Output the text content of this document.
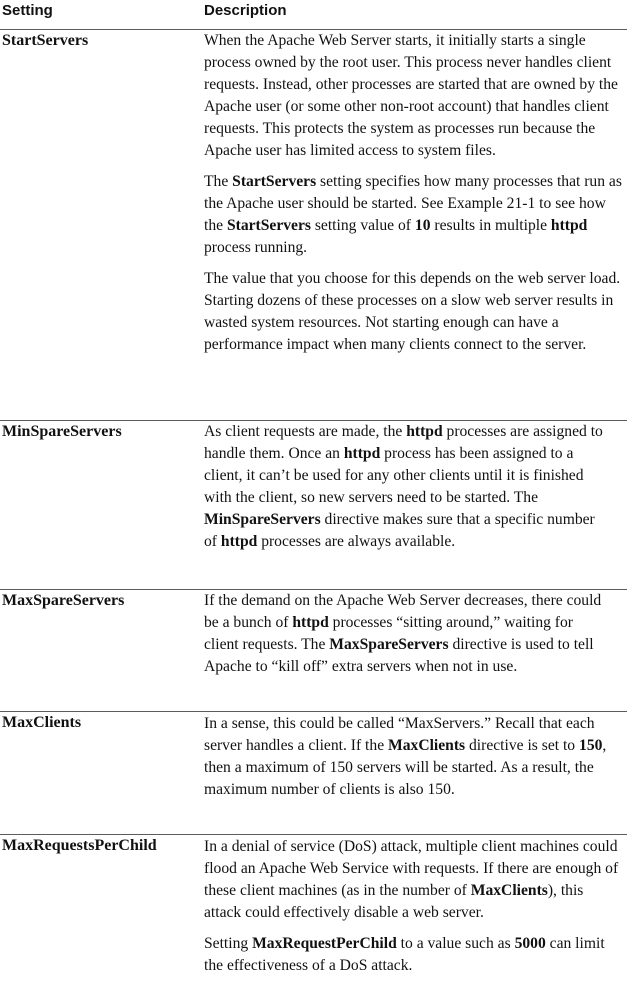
Setting	Description
StartServers	When the Apache Web Server starts, it initially starts a single process owned by the root user. This process never handles client requests. Instead, other processes are started that are owned by the Apache user (or some other non-root account) that handles client requests. This protects the system as processes run because the Apache user has limited access to system files.

The StartServers setting specifies how many processes that run as the Apache user should be started. See Example 21-1 to see how the StartServers setting value of 10 results in multiple httpd process running.

The value that you choose for this depends on the web server load. Starting dozens of these processes on a slow web server results in wasted system resources. Not starting enough can have a performance impact when many clients connect to the server.

MinSpareServers	As client requests are made, the httpd processes are assigned to handle them. Once an httpd process has been assigned to a client, it can’t be used for any other clients until it is finished with the client, so new servers need to be started. The MinSpareServers directive makes sure that a specific number of httpd processes are always available.

MaxSpareServers	If the demand on the Apache Web Server decreases, there could be a bunch of httpd processes “sitting around,” waiting for client requests. The MaxSpareServers directive is used to tell Apache to “kill off” extra servers when not in use.

MaxClients	In a sense, this could be called “MaxServers.” Recall that each server handles a client. If the MaxClients directive is set to 150, then a maximum of 150 servers will be started. As a result, the maximum number of clients is also 150.

MaxRequestsPerChild	In a denial of service (DoS) attack, multiple client machines could flood an Apache Web Service with requests. If there are enough of these client machines (as in the number of MaxClients), this attack could effectively disable a web server.

Setting MaxRequestPerChild to a value such as 5000 can limit the effectiveness of a DoS attack.
